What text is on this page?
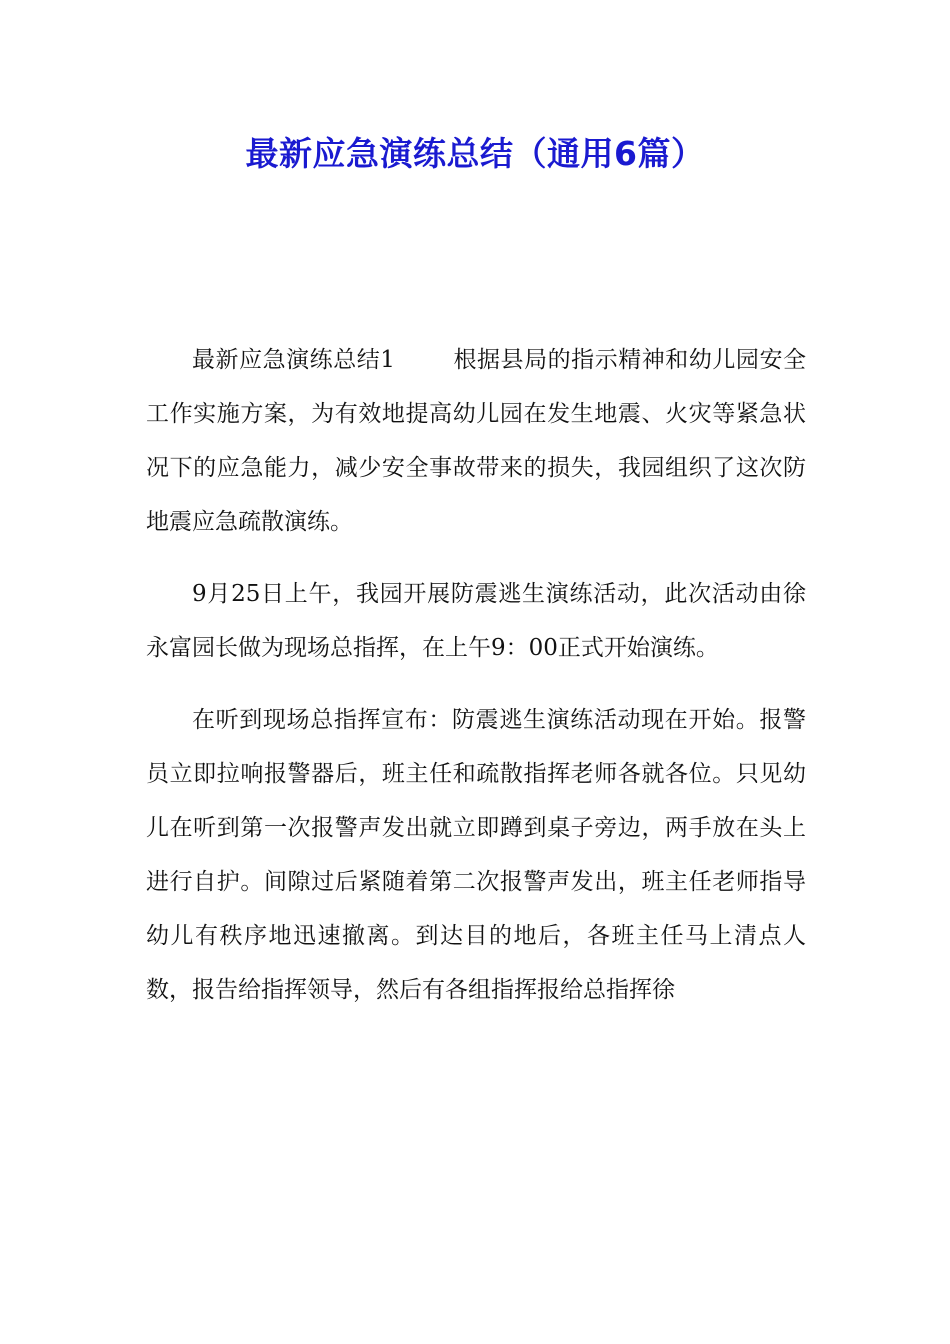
最新应急演练总结（通用6篇）

最新应急演练总结1	根据县局的指示精神和幼儿园安全工作实施方案，为有效地提高幼儿园在发生地震、火灾等紧急状况下的应急能力，减少安全事故带来的损失，我园组织了这次防地震应急疏散演练。

9月25日上午，我园开展防震逃生演练活动，此次活动由徐永富园长做为现场总指挥，在上午9：00正式开始演练。

在听到现场总指挥宣布：防震逃生演练活动现在开始。报警员立即拉响报警器后，班主任和疏散指挥老师各就各位。只见幼儿在听到第一次报警声发出就立即蹲到桌子旁边，两手放在头上进行自护。间隙过后紧随着第二次报警声发出，班主任老师指导幼儿有秩序地迅速撤离。到达目的地后，各班主任马上清点人数，报告给指挥领导，然后有各组指挥报给总指挥徐
